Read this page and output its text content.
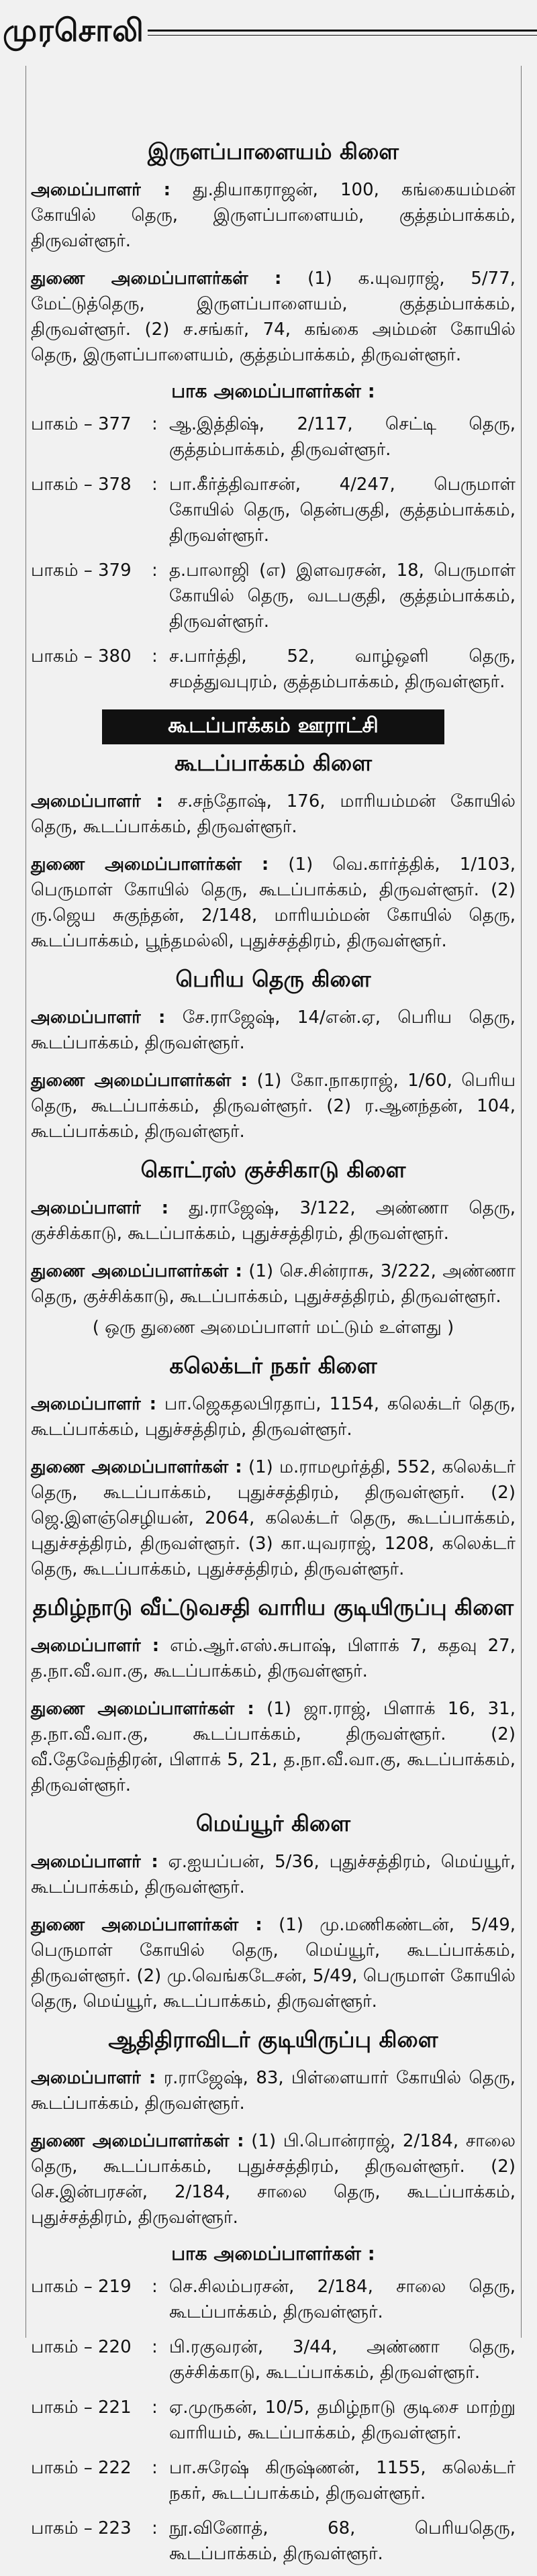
முரசொலி
இருளப்பாளையம் கிளை
அமைப்பாளர் : து.தியாகராஜன், 100, கங்கையம்மன் கோயில் தெரு, இருளப்பாளையம், குத்தம்பாக்கம், திருவள்ளூர்.
துணை அமைப்பாளர்கள் : (1) க.யுவராஜ், 5/77, மேட்டுத்தெரு, இருளப்பாளையம், குத்தம்பாக்கம், திருவள்ளூர். (2) ச.சங்கர், 74, கங்கை அம்மன் கோயில் தெரு, இருளப்பாளையம், குத்தம்பாக்கம், திருவள்ளூர்.
பாக அமைப்பாளர்கள் :
பாகம் – 377	: ஆ.இத்திஷ், 2/117, செட்டி தெரு, குத்தம்பாக்கம், திருவள்ளூர்.
பாகம் – 378	: பா.கீர்த்திவாசன், 4/247, பெருமாள் கோயில் தெரு, தென்பகுதி, குத்தம்பாக்கம், திருவள்ளூர்.
பாகம் – 379	: த.பாலாஜி (எ) இளவரசன், 18, பெருமாள் கோயில் தெரு, வடபகுதி, குத்தம்பாக்கம், திருவள்ளூர்.
பாகம் – 380	: ச.பார்த்தி, 52, வாழ்ஒளி தெரு, சமத்துவபுரம், குத்தம்பாக்கம், திருவள்ளூர்.
கூடப்பாக்கம் ஊராட்சி
கூடப்பாக்கம் கிளை
அமைப்பாளர் : ச.சந்தோஷ், 176, மாரியம்மன் கோயில் தெரு, கூடப்பாக்கம், திருவள்ளூர்.
துணை அமைப்பாளர்கள் : (1) வெ.கார்த்திக், 1/103, பெருமாள் கோயில் தெரு, கூடப்பாக்கம், திருவள்ளூர். (2) ரு.ஜெய சுகுந்தன், 2/148, மாரியம்மன் கோயில் தெரு, கூடப்பாக்கம், பூந்தமல்லி, புதுச்சத்திரம், திருவள்ளூர்.
பெரிய தெரு கிளை
அமைப்பாளர் : சே.ராஜேஷ், 14/என்.ஏ, பெரிய தெரு, கூடப்பாக்கம், திருவள்ளூர்.
துணை அமைப்பாளர்கள் : (1) கோ.நாகராஜ், 1/60, பெரிய தெரு, கூடப்பாக்கம், திருவள்ளூர். (2) ர.ஆனந்தன், 104, கூடப்பாக்கம், திருவள்ளூர்.
கொட்ரஸ் குச்சிகாடு கிளை
அமைப்பாளர் : து.ராஜேஷ், 3/122, அண்ணா தெரு, குச்சிக்காடு, கூடப்பாக்கம், புதுச்சத்திரம், திருவள்ளூர்.
துணை அமைப்பாளர்கள் : (1) செ.சின்ராசு, 3/222, அண்ணா தெரு, குச்சிக்காடு, கூடப்பாக்கம், புதுச்சத்திரம், திருவள்ளூர்.
( ஒரு துணை அமைப்பாளர் மட்டும் உள்ளது )
கலெக்டர் நகர் கிளை
அமைப்பாளர் : பா.ஜெகதலபிரதாப், 1154, கலெக்டர் தெரு, கூடப்பாக்கம், புதுச்சத்திரம், திருவள்ளூர்.
துணை அமைப்பாளர்கள் : (1) ம.ராமமூர்த்தி, 552, கலெக்டர் தெரு, கூடப்பாக்கம், புதுச்சத்திரம், திருவள்ளூர். (2) ஜெ.இளஞ்செழியன், 2064, கலெக்டர் தெரு, கூடப்பாக்கம், புதுச்சத்திரம், திருவள்ளூர். (3) கா.யுவராஜ், 1208, கலெக்டர் தெரு, கூடப்பாக்கம், புதுச்சத்திரம், திருவள்ளூர்.
தமிழ்நாடு வீட்டுவசதி வாரிய குடியிருப்பு கிளை
அமைப்பாளர் : எம்.ஆர்.எஸ்.சுபாஷ், பிளாக் 7, கதவு 27, த.நா.வீ.வா.கு, கூடப்பாக்கம், திருவள்ளூர்.
துணை அமைப்பாளர்கள் : (1) ஜா.ராஜ், பிளாக் 16, 31, த.நா.வீ.வா.கு, கூடப்பாக்கம், திருவள்ளூர். (2) வீ.தேவேந்திரன், பிளாக் 5, 21, த.நா.வீ.வா.கு, கூடப்பாக்கம், திருவள்ளூர்.
மெய்யூர் கிளை
அமைப்பாளர் : ஏ.ஐயப்பன், 5/36, புதுச்சத்திரம், மெய்யூர், கூடப்பாக்கம், திருவள்ளூர்.
துணை அமைப்பாளர்கள் : (1) மு.மணிகண்டன், 5/49, பெருமாள் கோயில் தெரு, மெய்யூர், கூடப்பாக்கம், திருவள்ளூர். (2) மு.வெங்கடேசன், 5/49, பெருமாள் கோயில் தெரு, மெய்யூர், கூடப்பாக்கம், திருவள்ளூர்.
ஆதிதிராவிடர் குடியிருப்பு கிளை
அமைப்பாளர் : ர.ராஜேஷ், 83, பிள்ளையார் கோயில் தெரு, கூடப்பாக்கம், திருவள்ளூர்.
துணை அமைப்பாளர்கள் : (1) பி.பொன்ராஜ், 2/184, சாலை தெரு, கூடப்பாக்கம், புதுச்சத்திரம், திருவள்ளூர். (2) செ.இன்பரசன், 2/184, சாலை தெரு, கூடப்பாக்கம், புதுச்சத்திரம், திருவள்ளூர்.
பாக அமைப்பாளர்கள் :
பாகம் – 219	: செ.சிலம்பரசன், 2/184, சாலை தெரு, கூடப்பாக்கம், திருவள்ளூர்.
பாகம் – 220	: பி.ரகுவரன், 3/44, அண்ணா தெரு, குச்சிக்காடு, கூடப்பாக்கம், திருவள்ளூர்.
பாகம் – 221	: ஏ.முருகன், 10/5, தமிழ்நாடு குடிசை மாற்று வாரியம், கூடப்பாக்கம், திருவள்ளூர்.
பாகம் – 222	: பா.சுரேஷ் கிருஷ்ணன், 1155, கலெக்டர் நகர், கூடப்பாக்கம், திருவள்ளூர்.
பாகம் – 223	: நூ.வினோத், 68, பெரியதெரு, கூடப்பாக்கம், திருவள்ளூர்.
